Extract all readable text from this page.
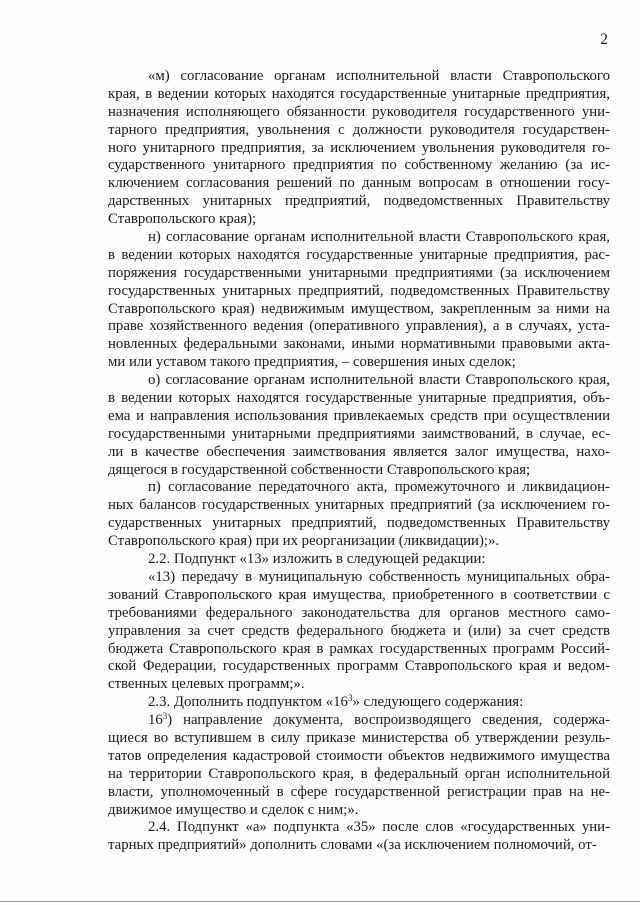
2
«м) согласование органам исполнительной власти Ставропольского
края, в ведении которых находятся государственные унитарные предприятия,
назначения исполняющего обязанности руководителя государственного уни-
тарного предприятия, увольнения с должности руководителя государствен-
ного унитарного предприятия, за исключением увольнения руководителя го-
сударственного унитарного предприятия по собственному желанию (за ис-
ключением согласования решений по данным вопросам в отношении госу-
дарственных унитарных предприятий, подведомственных Правительству
Ставропольского края);
н) согласование органам исполнительной власти Ставропольского края,
в ведении которых находятся государственные унитарные предприятия, рас-
поряжения государственными унитарными предприятиями (за исключением
государственных унитарных предприятий, подведомственных Правительству
Ставропольского края) недвижимым имуществом, закрепленным за ними на
праве хозяйственного ведения (оперативного управления), а в случаях, уста-
новленных федеральными законами, иными нормативными правовыми акта-
ми или уставом такого предприятия, – совершения иных сделок;
о) согласование органам исполнительной власти Ставропольского края,
в ведении которых находятся государственные унитарные предприятия, объ-
ема и направления использования привлекаемых средств при осуществлении
государственными унитарными предприятиями заимствований, в случае, ес-
ли в качестве обеспечения заимствования является залог имущества, нахо-
дящегося в государственной собственности Ставропольского края;
п) согласование передаточного акта, промежуточного и ликвидацион-
ных балансов государственных унитарных предприятий (за исключением го-
сударственных унитарных предприятий, подведомственных Правительству
Ставропольского края) при их реорганизации (ликвидации);».
2.2. Подпункт «13» изложить в следующей редакции:
«13) передачу в муниципальную собственность муниципальных обра-
зований Ставропольского края имущества, приобретенного в соответствии с
требованиями федерального законодательства для органов местного само-
управления за счет средств федерального бюджета и (или) за счет средств
бюджета Ставропольского края в рамках государственных программ Россий-
ской Федерации, государственных программ Ставропольского края и ведом-
ственных целевых программ;».
2.3. Дополнить подпунктом «$16^3$» следующего содержания:
$16^3$) направление документа, воспроизводящего сведения, содержа-
щиеся во вступившем в силу приказе министерства об утверждении резуль-
татов определения кадастровой стоимости объектов недвижимого имущества
на территории Ставропольского края, в федеральный орган исполнительной
власти, уполномоченный в сфере государственной регистрации прав на не-
движимое имущество и сделок с ним;».
2.4. Подпункт «а» подпункта «35» после слов «государственных уни-
тарных предприятий» дополнить словами «(за исключением полномочий, от-
